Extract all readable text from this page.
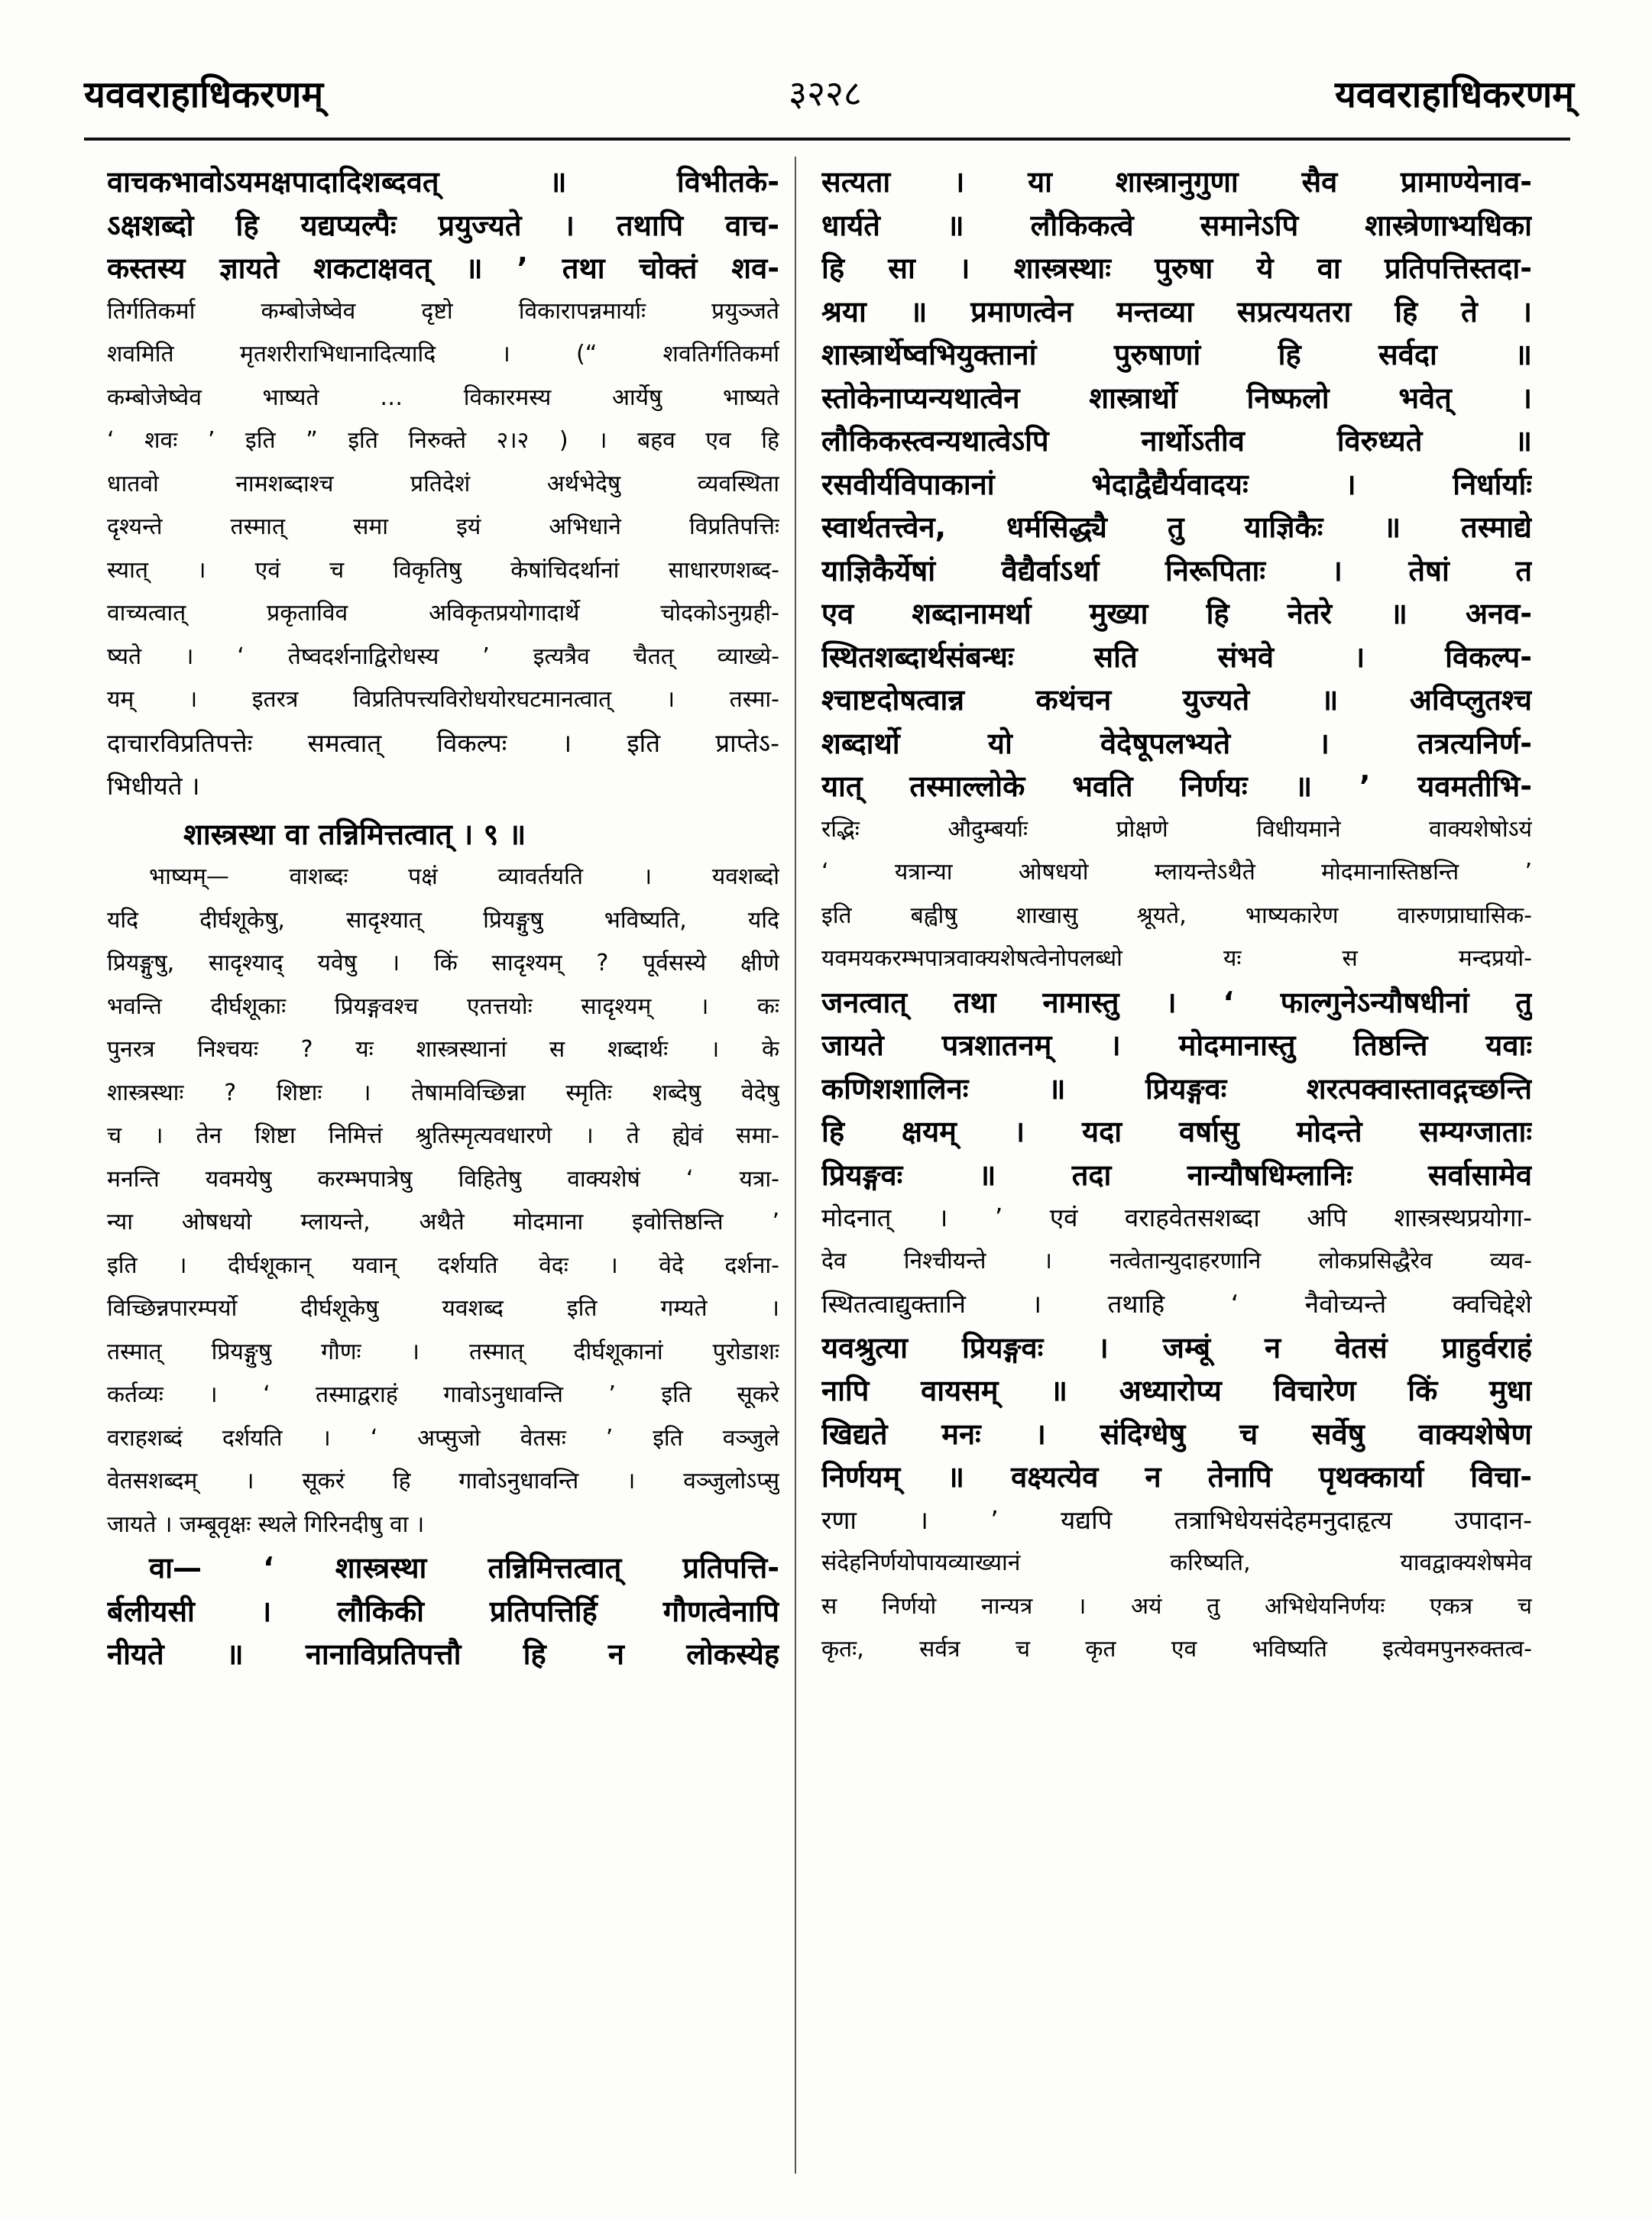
यववराहाधिकरणम्	३२२८	यववराहाधिकरणम्
वाचकभावोऽयमक्षपादादिशब्दवत् ॥ विभीतके-
ऽक्षशब्दो हि यद्यप्यल्पैः प्रयुज्यते । तथापि वाच-
कस्तस्य ज्ञायते शकटाक्षवत् ॥ ’ तथा चोक्तं शव-
तिर्गतिकर्मा कम्बोजेष्वेव दृष्टो विकारापन्नमार्याः प्रयुञ्जते
शवमिति मृतशरीराभिधानादित्यादि । (“ शवतिर्गतिकर्मा
कम्बोजेष्वेव भाष्यते … विकारमस्य आर्येषु भाष्यते
‘ शवः ’ इति ” इति निरुक्ते २।२ ) । बहव एव हि
धातवो नामशब्दाश्च प्रतिदेशं अर्थभेदेषु व्यवस्थिता
दृश्यन्ते तस्मात् समा इयं अभिधाने विप्रतिपत्तिः
स्यात् । एवं च विकृतिषु केषांचिदर्थानां साधारणशब्द-
वाच्यत्वात् प्रकृताविव अविकृतप्रयोगादार्थे चोदकोऽनुग्रही-
ष्यते । ‘ तेष्वदर्शनाद्विरोधस्य ’ इत्यत्रैव चैतत् व्याख्ये-
यम् । इतरत्र विप्रतिपत्त्यविरोधयोरघटमानत्वात् । तस्मा-
दाचारविप्रतिपत्तेः समत्वात् विकल्पः । इति प्राप्तेऽ-
भिधीयते ।
शास्त्रस्था वा तन्निमित्तत्वात् । ९ ॥
भाष्यम्— वाशब्दः पक्षं व्यावर्तयति । यवशब्दो
यदि दीर्घशूकेषु, सादृश्यात् प्रियङ्गुषु भविष्यति, यदि
प्रियङ्गुषु, सादृश्याद् यवेषु । किं सादृश्यम् ? पूर्वसस्ये क्षीणे
भवन्ति दीर्घशूकाः प्रियङ्गवश्च एतत्तयोः सादृश्यम् । कः
पुनरत्र निश्चयः ? यः शास्त्रस्थानां स शब्दार्थः । के
शास्त्रस्थाः ? शिष्टाः । तेषामविच्छिन्ना स्मृतिः शब्देषु वेदेषु
च । तेन शिष्टा निमित्तं श्रुतिस्मृत्यवधारणे । ते ह्येवं समा-
मनन्ति यवमयेषु करम्भपात्रेषु विहितेषु वाक्यशेषं ‘ यत्रा-
न्या ओषधयो म्लायन्ते, अथैते मोदमाना इवोत्तिष्ठन्ति ’
इति । दीर्घशूकान् यवान् दर्शयति वेदः । वेदे दर्शना-
विच्छिन्नपारम्पर्यो दीर्घशूकेषु यवशब्द इति गम्यते ।
तस्मात् प्रियङ्गुषु गौणः । तस्मात् दीर्घशूकानां पुरोडाशः
कर्तव्यः । ‘ तस्माद्वराहं गावोऽनुधावन्ति ’ इति सूकरे
वराहशब्दं दर्शयति । ‘ अप्सुजो वेतसः ’ इति वञ्जुले
वेतसशब्दम् । सूकरं हि गावोऽनुधावन्ति । वञ्जुलोऽप्सु
जायते । जम्बूवृक्षः स्थले गिरिनदीषु वा ।
वा— ‘ शास्त्रस्था तन्निमित्तत्वात् प्रतिपत्ति-
र्बलीयसी । लौकिकी प्रतिपत्तिर्हि गौणत्वेनापि
नीयते ॥ नानाविप्रतिपत्तौ हि न लोकस्येह
सत्यता । या शास्त्रानुगुणा सैव प्रामाण्येनाव-
धार्यते ॥ लौकिकत्वे समानेऽपि शास्त्रेणाभ्यधिका
हि सा । शास्त्रस्थाः पुरुषा ये वा प्रतिपत्तिस्तदा-
श्रया ॥ प्रमाणत्वेन मन्तव्या सप्रत्ययतरा हि ते ।
शास्त्रार्थेष्वभियुक्तानां पुरुषाणां हि सर्वदा ॥
स्तोकेनाप्यन्यथात्वेन शास्त्रार्थो निष्फलो भवेत् ।
लौकिकस्त्वन्यथात्वेऽपि नार्थोऽतीव विरुध्यते ॥
रसवीर्यविपाकानां भेदाद्वैद्यैर्यवादयः । निर्धार्याः
स्वार्थतत्त्वेन, धर्मसिद्ध्यै तु याज्ञिकैः ॥ तस्माद्ये
याज्ञिकैर्येषां वैद्यैर्वाऽर्था निरूपिताः । तेषां त
एव शब्दानामर्था मुख्या हि नेतरे ॥ अनव-
स्थितशब्दार्थसंबन्धः सति संभवे । विकल्प-
श्चाष्टदोषत्वान्न कथंचन युज्यते ॥ अविप्लुतश्च
शब्दार्थो यो वेदेषूपलभ्यते । तत्रत्यनिर्ण-
यात् तस्माल्लोके भवति निर्णयः ॥ ’ यवमतीभि-
रद्भिः औदुम्बर्याः प्रोक्षणे विधीयमाने वाक्यशेषोऽयं
‘ यत्रान्या ओषधयो म्लायन्तेऽथैते मोदमानास्तिष्ठन्ति ’
इति बह्वीषु शाखासु श्रूयते, भाष्यकारेण वारुणप्राघासिक-
यवमयकरम्भपात्रवाक्यशेषत्वेनोपलब्धो यः स मन्दप्रयो-
जनत्वात् तथा नामास्तु । ‘ फाल्गुनेऽन्यौषधीनां तु
जायते पत्रशातनम् । मोदमानास्तु तिष्ठन्ति यवाः
कणिशशालिनः ॥ प्रियङ्गवः शरत्पक्वास्तावद्गच्छन्ति
हि क्षयम् । यदा वर्षासु मोदन्ते सम्यग्जाताः
प्रियङ्गवः ॥ तदा नान्यौषधिम्लानिः सर्वासामेव
मोदनात् । ’ एवं वराहवेतसशब्दा अपि शास्त्रस्थप्रयोगा-
देव निश्चीयन्ते । नत्वेतान्युदाहरणानि लोकप्रसिद्धैरेव व्यव-
स्थितत्वाद्युक्तानि । तथाहि ‘ नैवोच्यन्ते क्वचिद्देशे
यवश्रुत्या प्रियङ्गवः । जम्बूं न वेतसं प्राहुर्वराहं
नापि वायसम् ॥ अध्यारोप्य विचारेण किं मुधा
खिद्यते मनः । संदिग्धेषु च सर्वेषु वाक्यशेषेण
निर्णयम् ॥ वक्ष्यत्येव न तेनापि पृथक्कार्या विचा-
रणा । ’ यद्यपि तत्राभिधेयसंदेहमनुदाहृत्य उपादान-
संदेहनिर्णयोपायव्याख्यानं करिष्यति, यावद्वाक्यशेषमेव
स निर्णयो नान्यत्र । अयं तु अभिधेयनिर्णयः एकत्र च
कृतः, सर्वत्र च कृत एव भविष्यति इत्येवमपुनरुक्तत्व-
